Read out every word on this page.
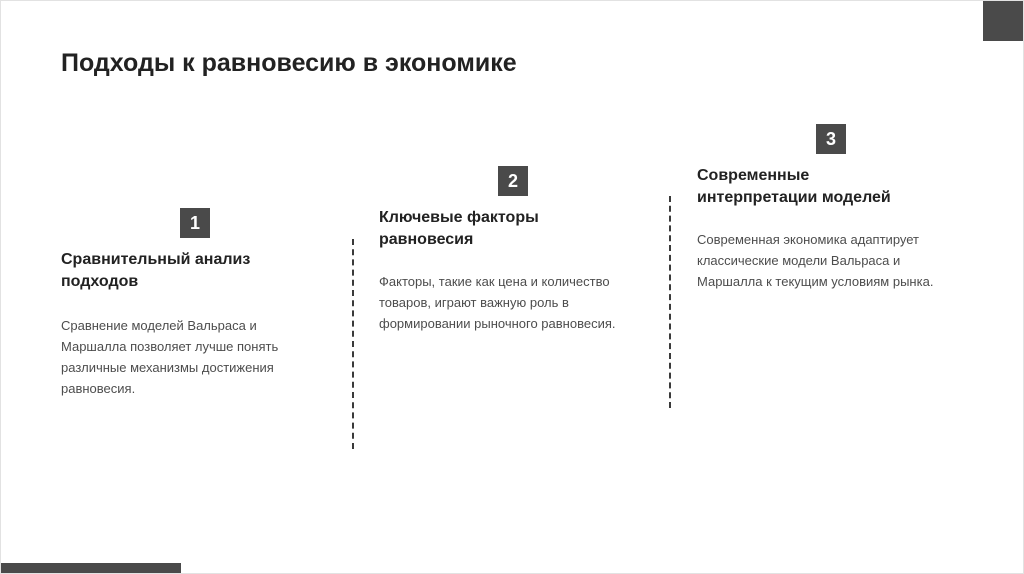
Подходы к равновесию в экономике
1
Сравнительный анализ
подходов

Сравнение моделей Вальраса и
Маршалла позволяет лучше понять
различные механизмы достижения
равновесия.

2
Ключевые факторы
равновесия

Факторы, такие как цена и количество
товаров, играют важную роль в
формировании рыночного равновесия.

3
Современные
интерпретации моделей

Современная экономика адаптирует
классические модели Вальраса и
Маршалла к текущим условиям рынка.
